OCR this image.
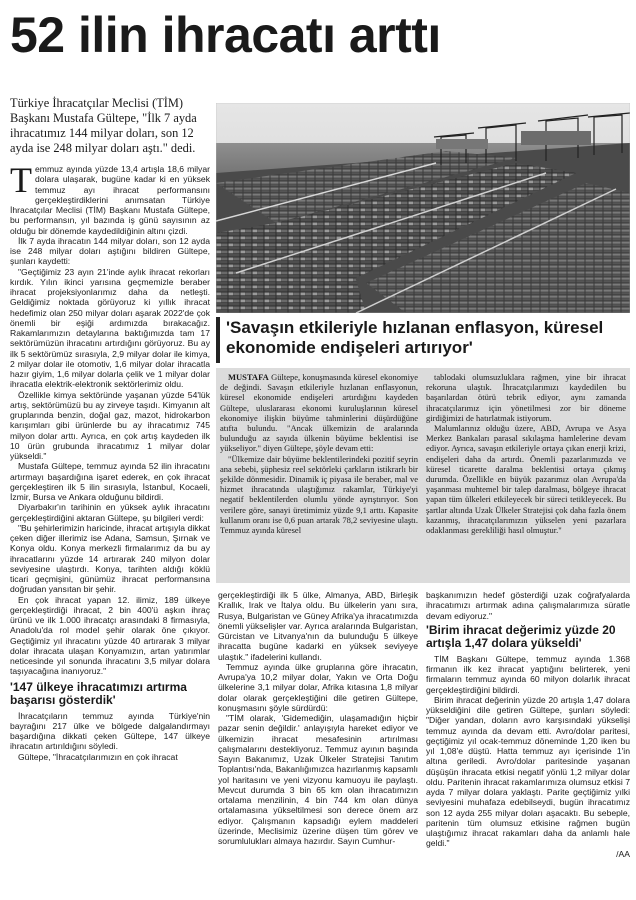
52 ilin ihracatı arttı
Türkiye İhracatçılar Meclisi (TİM) Başkanı Mustafa Gültepe, "İlk 7 ayda ihracatımız 144 milyar doları, son 12 ayda ise 248 milyar doları aştı." dedi.

Temmuz ayında yüzde 13,4 artışla 18,6 milyar dolara ulaşarak, bugüne kadar ki en yüksek temmuz ayı ihracat performansını gerçekleştirdiklerini anımsatan Türkiye İhracatçılar Meclisi (TİM) Başkanı Mustafa Gültepe, bu performansın, yıl bazında iş günü sayısının az olduğu bir dönemde kaydedildiğinin altını çizdi.

İlk 7 ayda ihracatın 144 milyar doları, son 12 ayda ise 248 milyar doları aştığını bildiren Gültepe, şunları kaydetti:

"Geçtiğimiz 23 ayın 21'inde aylık ihracat rekorları kırdık. Yılın ikinci yarısına geçmemizle beraber ihracat projeksiyonlarımız daha da netleşti. Geldiğimiz noktada görüyoruz ki yıllık ihracat hedefimiz olan 250 milyar doları aşarak 2022'de çok önemli bir eşiği ardımızda bırakacağız. Rakamlarımızın detaylarına baktığımızda tam 17 sektörümüzün ihracatını artırdığını görüyoruz. Bu ay ilk 5 sektörümüz sırasıyla, 2,9 milyar dolar ile kimya, 2 milyar dolar ile otomotiv, 1,6 milyar dolar ihracatla hazır giyim, 1,6 milyar dolarla çelik ve 1 milyar dolar ihracatla elektrik-elektronik sektörlerimiz oldu.

Özellikle kimya sektöründe yaşanan yüzde 54'lük artış, sektörümüzü bu ay zirveye taşıdı. Kimyanın alt gruplarında benzin, doğal gaz, mazot, hidrokarbon karışımları gibi ürünlerde bu ay ihracatımız 745 milyon dolar arttı. Ayrıca, en çok artış kaydeden ilk 10 ürün grubunda ihracatımız 1 milyar dolar yükseldi."

Mustafa Gültepe, temmuz ayında 52 ilin ihracatını artırmayı başardığına işaret ederek, en çok ihracat gerçekleştiren ilk 5 ilin sırasıyla, İstanbul, Kocaeli, İzmir, Bursa ve Ankara olduğunu bildirdi.

Diyarbakır'ın tarihinin en yüksek aylık ihracatını gerçekleştirdiğini aktaran Gültepe, şu bilgileri verdi:

"Bu şehirlerimizin haricinde, ihracat artışıyla dikkat çeken diğer illerimiz ise Adana, Samsun, Şırnak ve Konya oldu. Konya merkezli firmalarımız da bu ay ihracatlarını yüzde 14 artırarak 240 milyon dolar seviyesine ulaştırdı. Konya, tarihten aldığı köklü ticari geçmişini, günümüz ihracat performansına doğrudan yansıtan bir şehir.

En çok ihracat yapan 12. ilimiz, 189 ülkeye gerçekleştirdiği ihracat, 2 bin 400'ü aşkın ihraç ürünü ve ilk 1.000 ihracatçı arasındaki 8 firmasıyla, Anadolu'da rol model şehir olarak öne çıkıyor. Geçtiğimiz yıl ihracatını yüzde 40 artırarak 3 milyar dolar ihracata ulaşan Konyamızın, artan yatırımlar neticesinde yıl sonunda ihracatını 3,5 milyar dolara taşıyacağına inanıyoruz."

'147 ülkeye ihracatımızı artırma başarısı gösterdik'

İhracatçıların temmuz ayında Türkiye'nin bayrağını 217 ülke ve bölgede dalgalandırmayı başardığına dikkati çeken Gültepe, 147 ülkeye ihracatın artırıldığını söyledi.

Gültepe, "İhracatçılarımızın en çok ihracat

'Savaşın etkileriyle hızlanan enflasyon, küresel ekonomide endişeleri artırıyor'

MUSTAFA Gültepe, konuşmasında küresel ekonomiye de değindi. Savaşın etkileriyle hızlanan enflasyonun, küresel ekonomide endişeleri artırdığını kaydeden Gültepe, uluslararası ekonomi kuruluşlarının küresel ekonomiye ilişkin büyüme tahminlerini düşürdüğüne atıfta bulundu. "Ancak ülkemizin de aralarında bulunduğu az sayıda ülkenin büyüme beklentisi ise yükseliyor." diyen Gültepe, şöyle devam etti:

"Ülkemize dair büyüme beklentilerindeki pozitif seyrin ana sebebi, şüphesiz reel sektörleki çarkların istikrarlı bir şekilde dönmesidir. Dinamik iç piyasa ile beraber, mal ve hizmet ihracatında ulaştığımız rakamlar, Türkiye'yi negatif beklentilerden olumlu yönde ayrıştırıyor. Son verilere göre, sanayi üretimimiz yüzde 9,1 arttı. Kapasite kullanım oranı ise 0,6 puan artarak 78,2 seviyesine ulaştı. Temmuz ayında küresel

tablodaki olumsuzluklara rağmen, yine bir ihracat rekoruna ulaştık. İhracatçılarımızı kaydedilen bu başarılardan ötürü tebrik ediyor, aynı zamanda ihracatçılarımız için yönetilmesi zor bir döneme girdiğimizi de hatırlatmak istiyorum.

Malumlarınız olduğu üzere, ABD, Avrupa ve Asya Merkez Bankaları parasal sıkılaşma hamlelerine devam ediyor. Ayrıca, savaşın etkileriyle ortaya çıkan enerji krizi, endişeleri daha da artırdı. Önemli pazarlarımızda ve küresel ticarette daralma beklentisi ortaya çıkmış durumda. Özellikle en büyük pazarımız olan Avrupa'da yaşanması muhtemel bir talep daralması, bölgeye ihracat yapan tüm ülkeleri etkileyecek bir süreci tetikleyecek. Bu şartlar altında Uzak Ülkeler Stratejisi çok daha fazla önem kazanmış, ihracatçılarımızın yükselen yeni pazarlara odaklanması gerekliliği hasıl olmuştur."

gerçekleştirdiği ilk 5 ülke, Almanya, ABD, Birleşik Krallık, Irak ve İtalya oldu. Bu ülkelerin yanı sıra, Rusya, Bulgaristan ve Güney Afrika'ya ihracatımızda önemli yükselişler var. Ayrıca aralarında Bulgaristan, Gürcistan ve Litvanya'nın da bulunduğu 5 ülkeye ihracatta bugüne kadarki en yüksek seviyeye ulaştık." ifadelerini kullandı.

Temmuz ayında ülke gruplarına göre ihracatın, Avrupa'ya 10,2 milyar dolar, Yakın ve Orta Doğu ülkelerine 3,1 milyar dolar, Afrika kıtasına 1,8 milyar dolar olarak gerçekleştiğini dile getiren Gültepe, konuşmasını şöyle sürdürdü:

"TİM olarak, 'Gidemediğin, ulaşamadığın hiçbir pazar senin değildir.' anlayışıyla hareket ediyor ve ülkemizin ihracat mesafesinin artırılması çalışmalarını destekliyoruz. Temmuz ayının başında Sayın Bakanımız, Uzak Ülkeler Stratejisi Tanıtım Toplantısı'nda, Bakanlığımızca hazırlanmış kapsamlı yol haritasını ve yeni vizyonu kamuoyu ile paylaştı. Mevcut durumda 3 bin 65 km olan ihracatımızın ortalama menzilinin, 4 bin 744 km olan dünya ortalamasına yükseltilmesi son derece önem arz ediyor. Çalışmanın kapsadığı eylem maddeleri üzerinde, Meclisimiz üzerine düşen tüm görev ve sorumlulukları almaya hazırdır. Sayın Cumhur-

başkanımızın hedef gösterdiği uzak coğrafyalarda ihracatımızı artırmak adına çalışmalarımıza süratle devam ediyoruz."

'Birim ihracat değerimiz yüzde 20 artışla 1,47 dolara yükseldi'

TİM Başkanı Gültepe, temmuz ayında 1.368 firmanın ilk kez ihracat yaptığını belirterek, yeni firmaların temmuz ayında 60 milyon dolarlık ihracat gerçekleştirdiğini bildirdi.

Birim ihracat değerinin yüzde 20 artışla 1,47 dolara yükseldiğini dile getiren Gültepe, şunları söyledi: "Diğer yandan, doların avro karşısındaki yükselişi temmuz ayında da devam etti. Avro/dolar paritesi, geçtiğimiz yıl ocak-temmuz döneminde 1,20 iken bu yıl 1,08'e düştü. Hatta temmuz ayı içerisinde 1'in altına geriledi. Avro/dolar paritesinde yaşanan düşüşün ihracata etkisi negatif yönlü 1,2 milyar dolar oldu. Paritenin ihracat rakamlarımıza olumsuz etkisi 7 ayda 7 milyar dolara yaklaştı. Parite geçtiğimiz yılki seviyesini muhafaza edebilseydi, bugün ihracatımız son 12 ayda 255 milyar doları aşacaktı. Bu sebeple, paritenin tüm olumsuz etkisine rağmen bugün ulaştığımız ihracat rakamları daha da anlamlı hale geldi."

/AA
